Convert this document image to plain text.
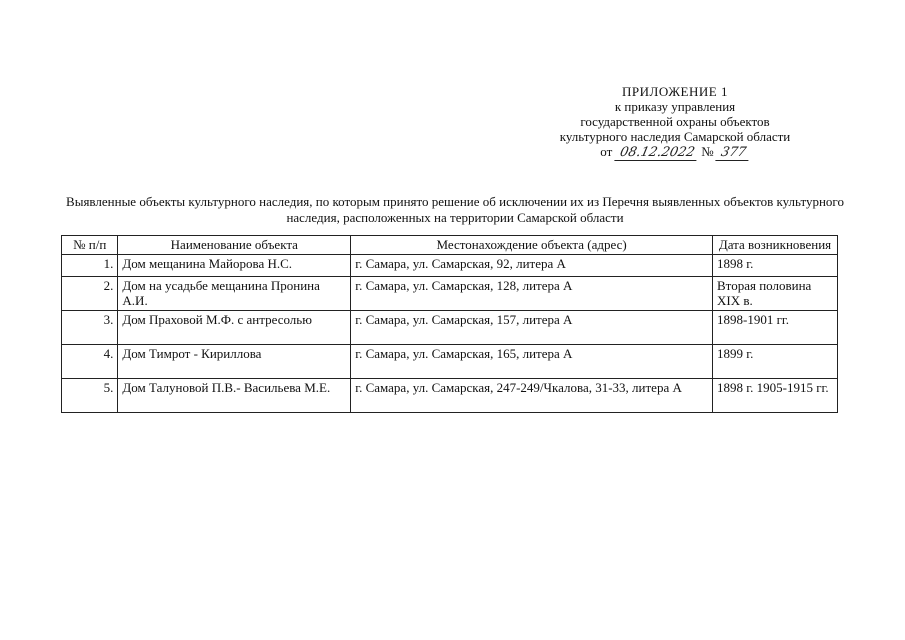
ПРИЛОЖЕНИЕ 1
к приказу управления
государственной охраны объектов
культурного наследия Самарской области
от 08.12.2022 № 377
Выявленные объекты культурного наследия, по которым принято решение об исключении их из Перечня выявленных объектов культурного наследия, расположенных на территории Самарской области
№ п/п	Наименование объекта	Местонахождение объекта (адрес)	Дата возникновения
1.	Дом мещанина Майорова Н.С.	г. Самара, ул. Самарская, 92, литера А	1898 г.
2.	Дом на усадьбе мещанина Пронина А.И.	г. Самара, ул. Самарская, 128, литера А	Вторая половина XIX в.
3.	Дом Праховой М.Ф. с антресолью	г. Самара, ул. Самарская, 157, литера А	1898-1901 гг.
4.	Дом Тимрот - Кириллова	г. Самара, ул. Самарская, 165, литера А	1899 г.
5.	Дом Талуновой П.В.- Васильева М.Е.	г. Самара, ул. Самарская, 247-249/Чкалова, 31-33, литера А	1898 г. 1905-1915 гг.
